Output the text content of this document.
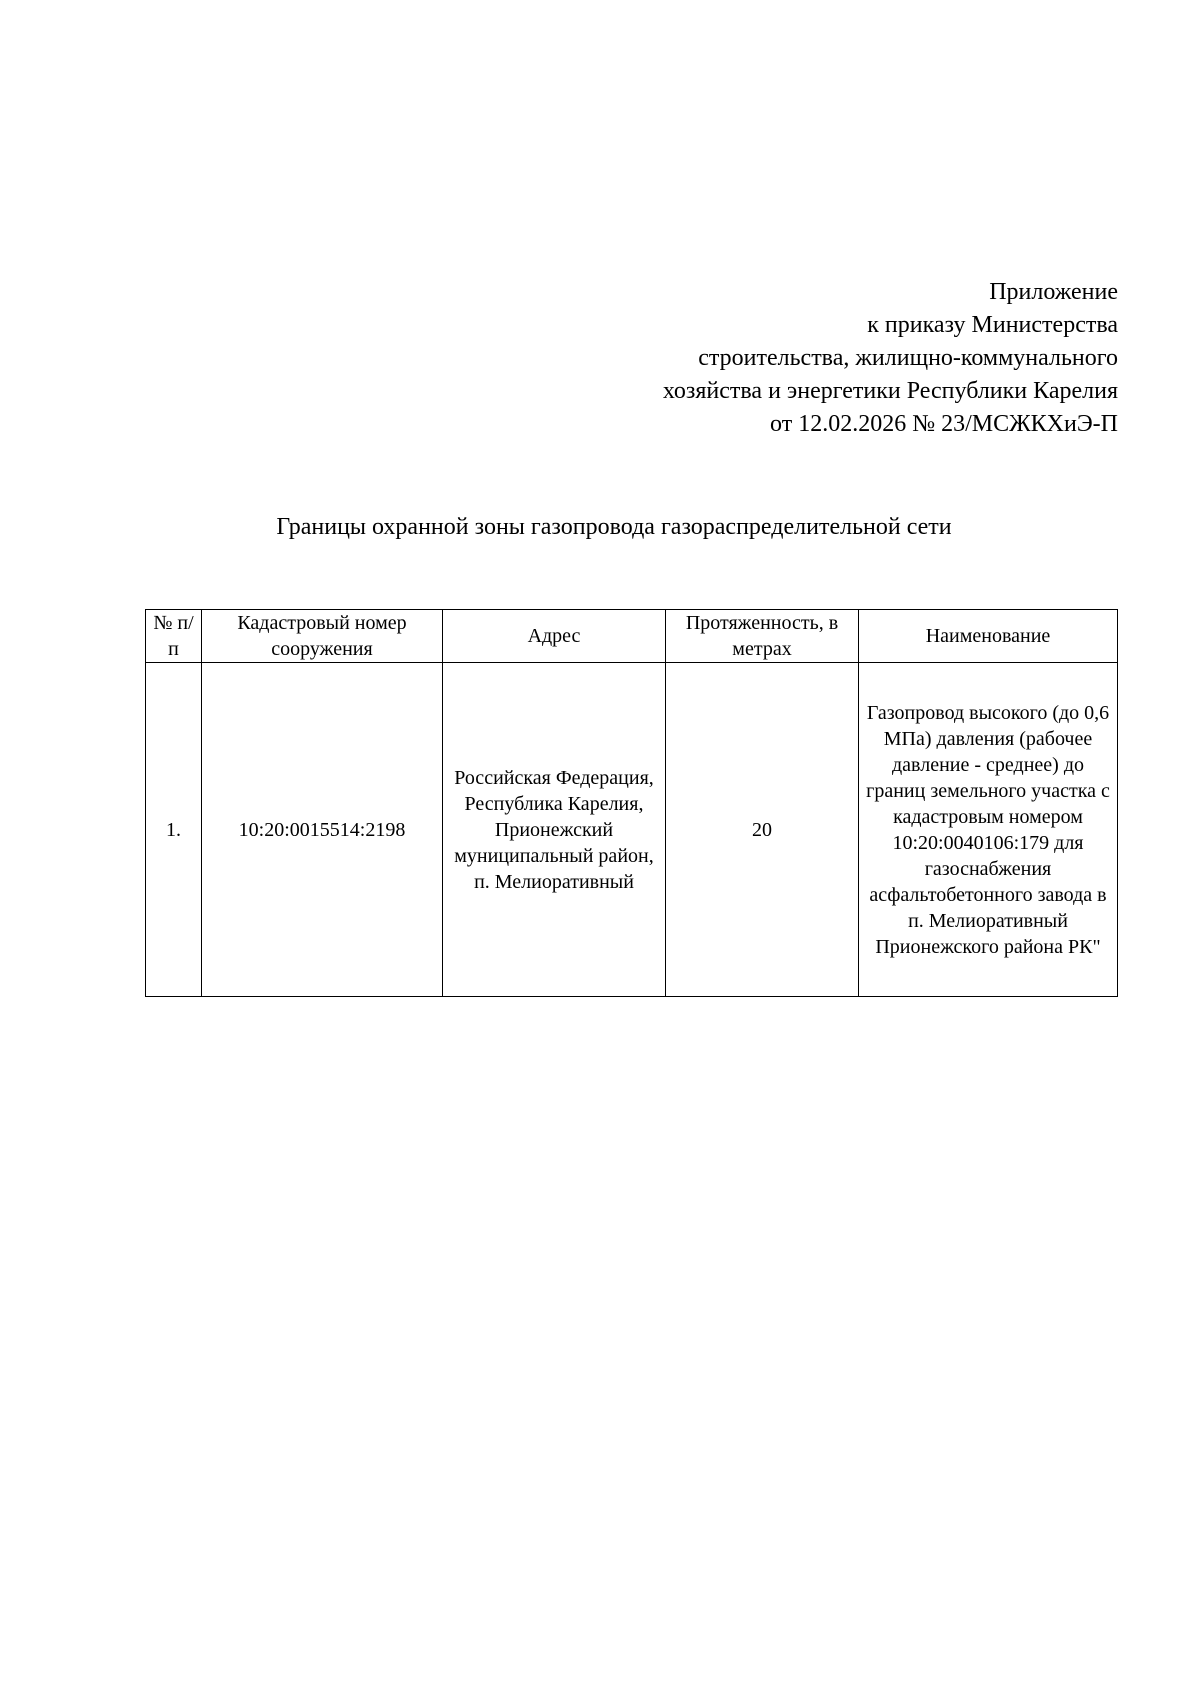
Приложение
к приказу Министерства
строительства, жилищно-коммунального
хозяйства и энергетики Республики Карелия
от 12.02.2026 № 23/МСЖКХиЭ-П
Границы охранной зоны газопровода газораспределительной сети
№ п/п	Кадастровый номер сооружения	Адрес	Протяженность, в метрах	Наименование
1.	10:20:0015514:2198	Российская Федерация, Республика Карелия, Прионежский муниципальный район, п. Мелиоративный	20	Газопровод высокого (до 0,6 МПа) давления (рабочее давление - среднее) до границ земельного участка с кадастровым номером 10:20:0040106:179 для газоснабжения асфальтобетонного завода в п. Мелиоративный Прионежского района РК"
